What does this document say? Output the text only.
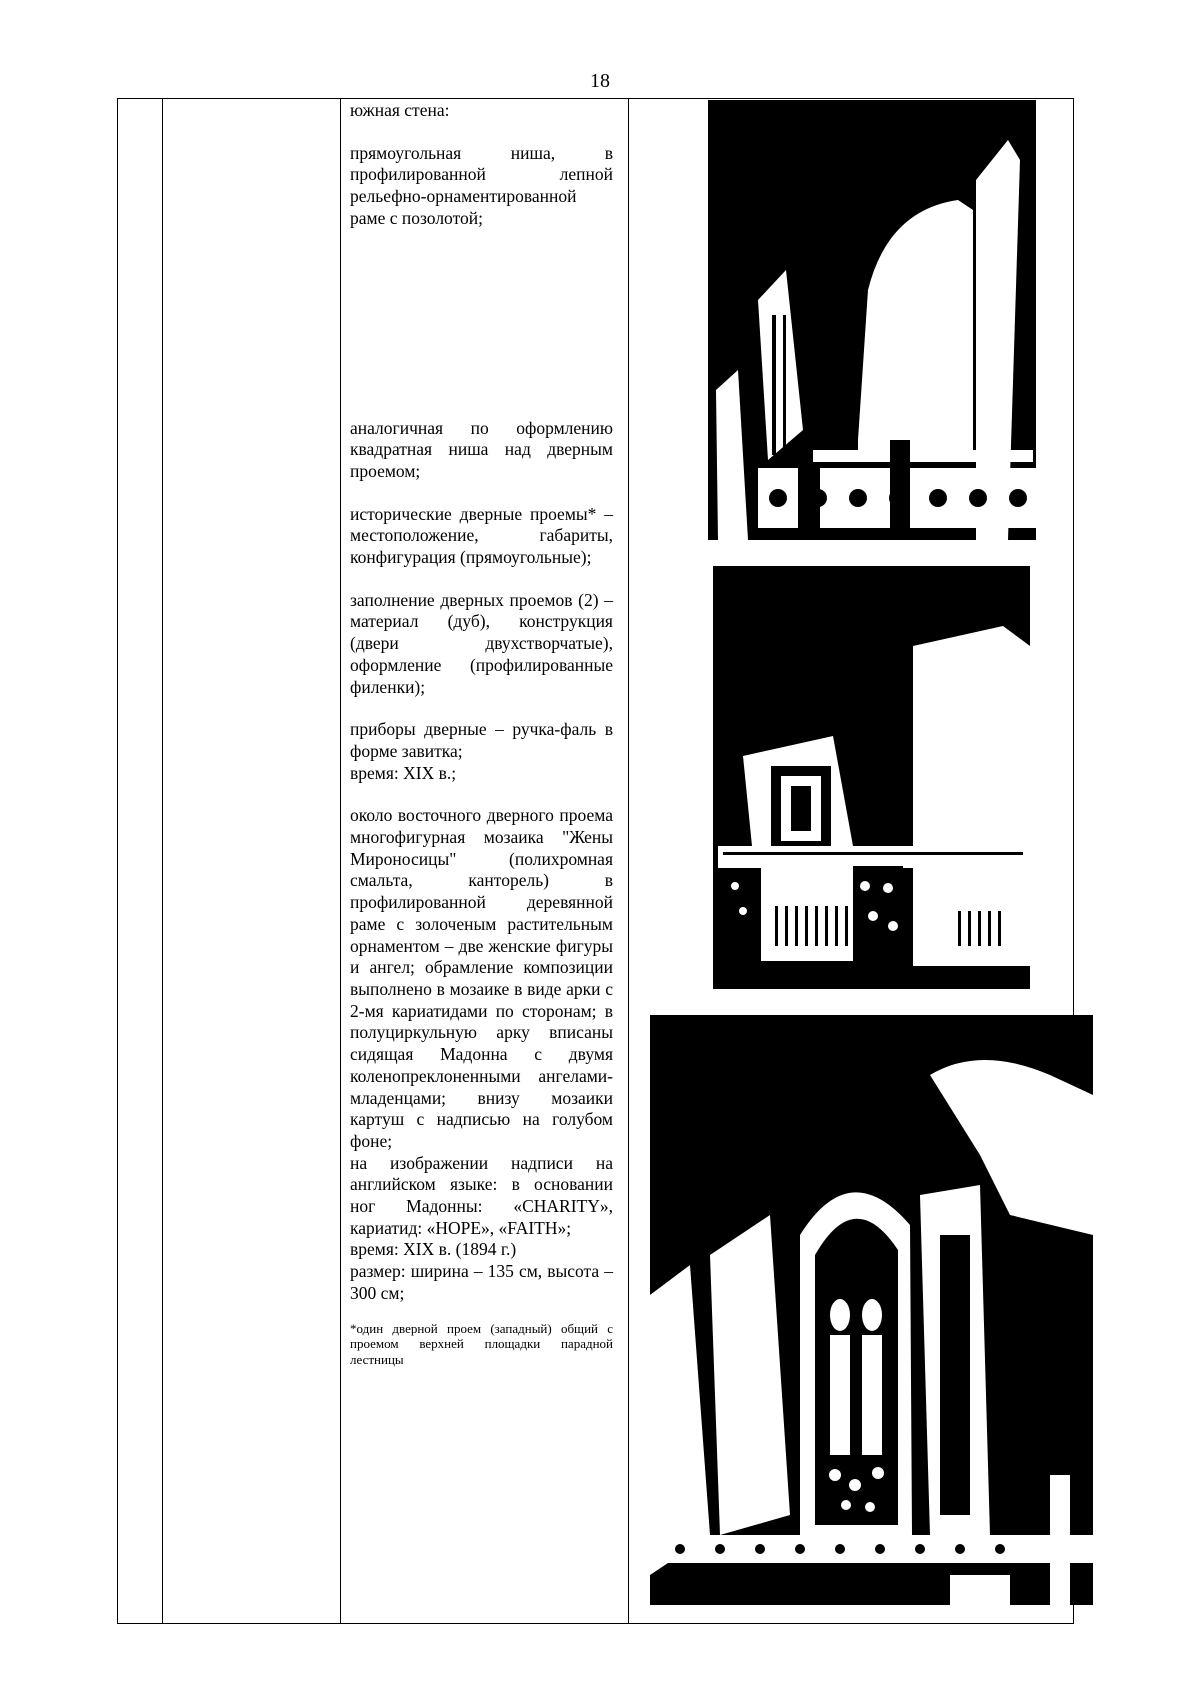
18

южная стена:

прямоугольная ниша, в профилированной лепной рельефно-орнаментированной раме с позолотой;

аналогичная по оформлению квадратная ниша над дверным проемом;

исторические дверные проемы* – местоположение, габариты, конфигурация (прямоугольные);

заполнение дверных проемов (2) – материал (дуб), конструкция (двери двухстворчатые), оформление (профилированные филенки);

приборы дверные – ручка-фаль в форме завитка;

время: XIX в.;

около восточного дверного проема многофигурная мозаика "Жены Мироносицы" (полихромная смальта, канторель) в профилированной деревянной раме с золоченым растительным орнаментом – две женские фигуры и ангел; обрамление композиции выполнено в мозаике в виде арки с 2-мя кариатидами по сторонам; в полуциркульную арку вписаны сидящая Мадонна с двумя коленопреклоненными ангелами-младенцами; внизу мозаики картуш с надписью на голубом фоне;

на изображении надписи на английском языке: в основании ног Мадонны: «CHARITY», кариатид: «HOPE», «FAITH»;

время: XIX в. (1894 г.)

размер: ширина – 135 см, высота – 300 см;

*один дверной проем (западный) общий с проемом верхней площадки парадной лестницы
